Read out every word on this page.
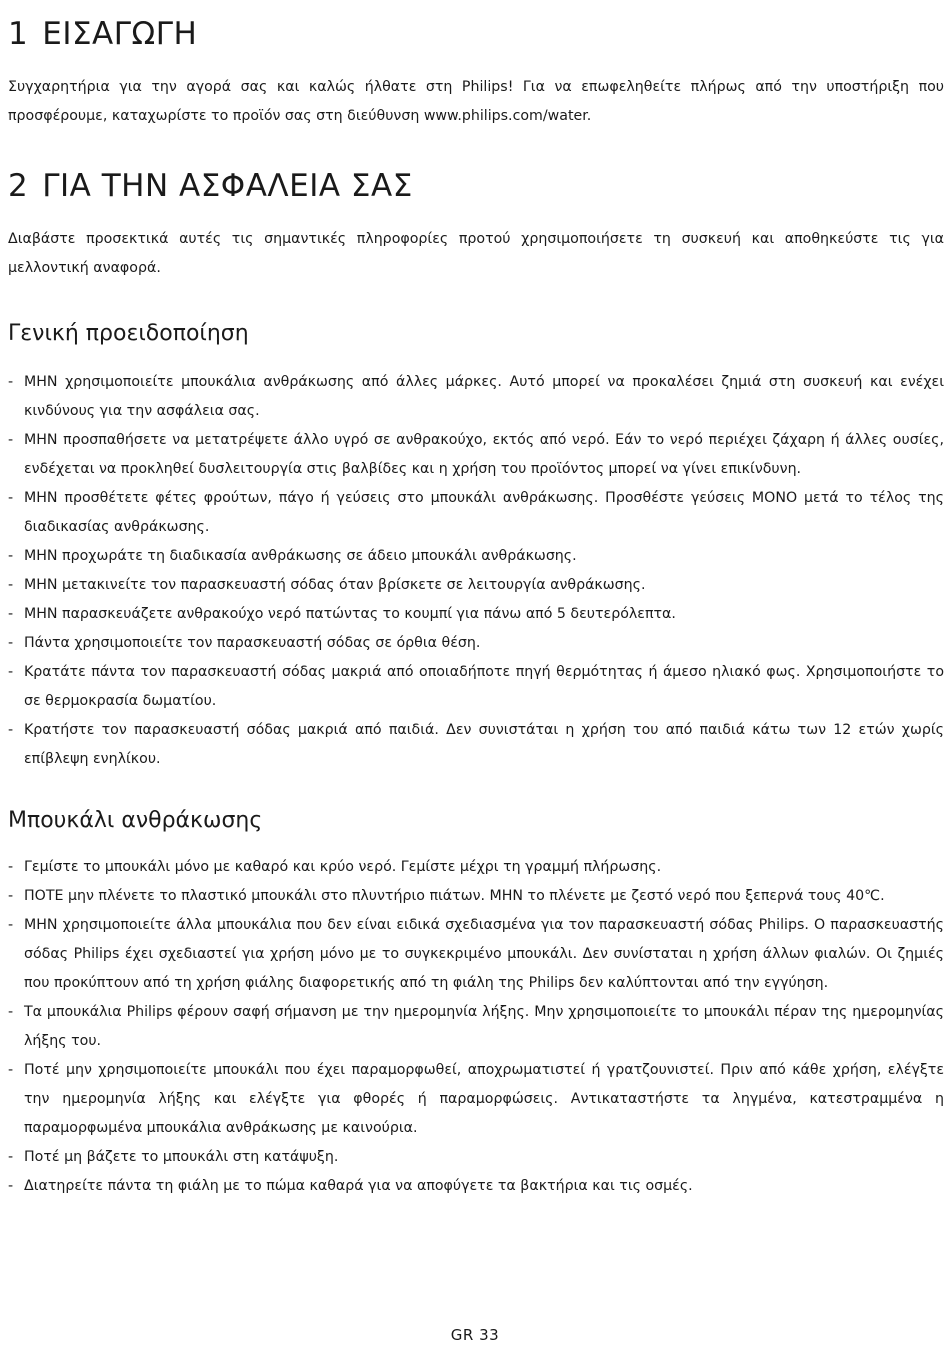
1 ΕΙΣΑΓΩΓΗ

Συγχαρητήρια για την αγορά σας και καλώς ήλθατε στη Philips! Για να επωφεληθείτε πλήρως από την υποστήριξη που προσφέρουμε, καταχωρίστε το προϊόν σας στη διεύθυνση www.philips.com/water.

2 ΓΙΑ ΤΗΝ ΑΣΦΑΛΕΙΑ ΣΑΣ

Διαβάστε προσεκτικά αυτές τις σημαντικές πληροφορίες προτού χρησιμοποιήσετε τη συσκευή και αποθηκεύστε τις για μελλοντική αναφορά.

Γενική προειδοποίηση
- ΜΗΝ χρησιμοποιείτε μπουκάλια ανθράκωσης από άλλες μάρκες. Αυτό μπορεί να προκαλέσει ζημιά στη συσκευή και ενέχει κινδύνους για την ασφάλεια σας.
- ΜΗΝ προσπαθήσετε να μετατρέψετε άλλο υγρό σε ανθρακούχο, εκτός από νερό. Εάν το νερό περιέχει ζάχαρη ή άλλες ουσίες, ενδέχεται να προκληθεί δυσλειτουργία στις βαλβίδες και η χρήση του προϊόντος μπορεί να γίνει επικίνδυνη.
- ΜΗΝ προσθέτετε φέτες φρούτων, πάγο ή γεύσεις στο μπουκάλι ανθράκωσης. Προσθέστε γεύσεις ΜΟΝΟ μετά το τέλος της διαδικασίας ανθράκωσης.
- ΜΗΝ προχωράτε τη διαδικασία ανθράκωσης σε άδειο μπουκάλι ανθράκωσης.
- ΜΗΝ μετακινείτε τον παρασκευαστή σόδας όταν βρίσκετε σε λειτουργία ανθράκωσης.
- ΜΗΝ παρασκευάζετε ανθρακούχο νερό πατώντας το κουμπί για πάνω από 5 δευτερόλεπτα.
- Πάντα χρησιμοποιείτε τον παρασκευαστή σόδας σε όρθια θέση.
- Κρατάτε πάντα τον παρασκευαστή σόδας μακριά από οποιαδήποτε πηγή θερμότητας ή άμεσο ηλιακό φως. Χρησιμοποιήστε το σε θερμοκρασία δωματίου.
- Κρατήστε τον παρασκευαστή σόδας μακριά από παιδιά. Δεν συνιστάται η χρήση του από παιδιά κάτω των 12 ετών χωρίς επίβλεψη ενηλίκου.
Μπουκάλι ανθράκωσης
- Γεμίστε το μπουκάλι μόνο με καθαρό και κρύο νερό. Γεμίστε μέχρι τη γραμμή πλήρωσης.
- ΠΟΤΕ μην πλένετε το πλαστικό μπουκάλι στο πλυντήριο πιάτων. ΜΗΝ το πλένετε με ζεστό νερό που ξεπερνά τους 40℃.
- ΜΗΝ χρησιμοποιείτε άλλα μπουκάλια που δεν είναι ειδικά σχεδιασμένα για τον παρασκευαστή σόδας Philips. Ο παρασκευαστής σόδας Philips έχει σχεδιαστεί για χρήση μόνο με το συγκεκριμένο μπουκάλι. Δεν συνίσταται η χρήση άλλων φιαλών. Οι ζημιές που προκύπτουν από τη χρήση φιάλης διαφορετικής από τη φιάλη της Philips δεν καλύπτονται από την εγγύηση.
- Τα μπουκάλια Philips φέρουν σαφή σήμανση με την ημερομηνία λήξης. Μην χρησιμοποιείτε το μπουκάλι πέραν της ημερομηνίας λήξης του.
- Ποτέ μην χρησιμοποιείτε μπουκάλι που έχει παραμορφωθεί, αποχρωματιστεί ή γρατζουνιστεί. Πριν από κάθε χρήση, ελέγξτε την ημερομηνία λήξης και ελέγξτε για φθορές ή παραμορφώσεις. Αντικαταστήστε τα ληγμένα, κατεστραμμένα η παραμορφωμένα μπουκάλια ανθράκωσης με καινούρια.
- Ποτέ μη βάζετε το μπουκάλι στη κατάψυξη.
- Διατηρείτε πάντα τη φιάλη με το πώμα καθαρά για να αποφύγετε τα βακτήρια και τις οσμές.
GR 33
